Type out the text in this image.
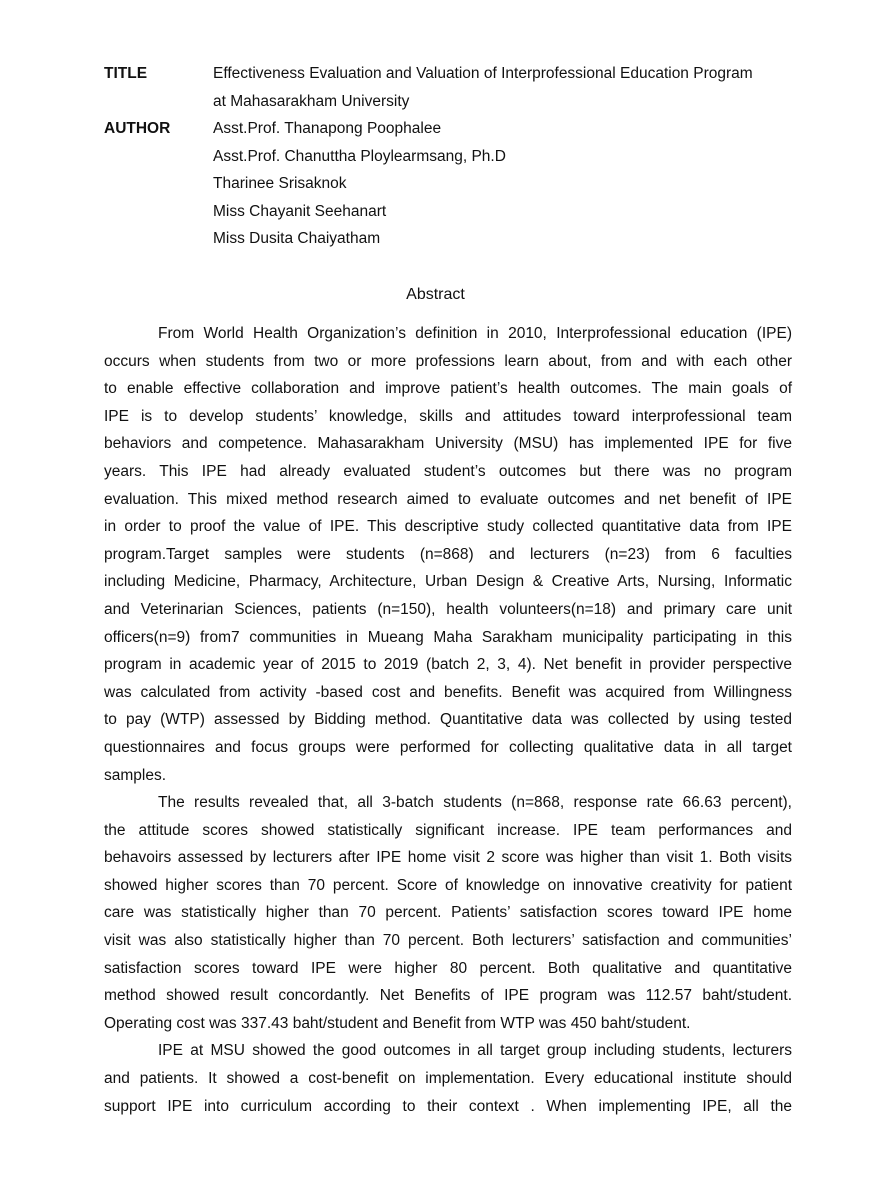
TITLE	Effectiveness Evaluation and Valuation of Interprofessional Education Program
at Mahasarakham University
AUTHOR	Asst.Prof. Thanapong Poophalee
Asst.Prof. Chanuttha Ploylearmsang, Ph.D
Tharinee Srisaknok
Miss Chayanit Seehanart
Miss Dusita Chaiyatham
Abstract
From World Health Organization’s definition in 2010, Interprofessional education (IPE)
occurs when students from two or more professions learn about, from and with each other
to enable effective collaboration and improve patient’s health outcomes. The main goals of
IPE is to develop students’ knowledge, skills and attitudes toward interprofessional team
behaviors and competence. Mahasarakham University (MSU) has implemented IPE for five
years. This IPE had already evaluated student’s outcomes but there was no program
evaluation. This mixed method research aimed to evaluate outcomes and net benefit of IPE
in order to proof the value of IPE. This descriptive study collected quantitative data from IPE
program.Target samples were students (n=868) and lecturers (n=23) from 6 faculties
including Medicine, Pharmacy, Architecture, Urban Design & Creative Arts, Nursing, Informatic
and Veterinarian Sciences, patients (n=150), health volunteers(n=18) and primary care unit
officers(n=9) from7 communities in Mueang Maha Sarakham municipality participating in this
program in academic year of 2015 to 2019 (batch 2, 3, 4). Net benefit in provider perspective
was calculated from activity -based cost and benefits. Benefit was acquired from Willingness
to pay (WTP) assessed by Bidding method. Quantitative data was collected by using tested
questionnaires and focus groups were performed for collecting qualitative data in all target
samples.
The results revealed that, all 3-batch students (n=868, response rate 66.63 percent),
the attitude scores showed statistically significant increase. IPE team performances and
behavoirs assessed by lecturers after IPE home visit 2 score was higher than visit 1. Both visits
showed higher scores than 70 percent. Score of knowledge on innovative creativity for patient
care was statistically higher than 70 percent. Patients’ satisfaction scores toward IPE home
visit was also statistically higher than 70 percent. Both lecturers’ satisfaction and communities’
satisfaction scores toward IPE were higher 80 percent. Both qualitative and quantitative
method showed result concordantly. Net Benefits of IPE program was 112.57 baht/student.
Operating cost was 337.43 baht/student and Benefit from WTP was 450 baht/student.
IPE at MSU showed the good outcomes in all target group including students, lecturers
and patients. It showed a cost-benefit on implementation. Every educational institute should
support IPE into curriculum according to their context . When implementing IPE, all the
